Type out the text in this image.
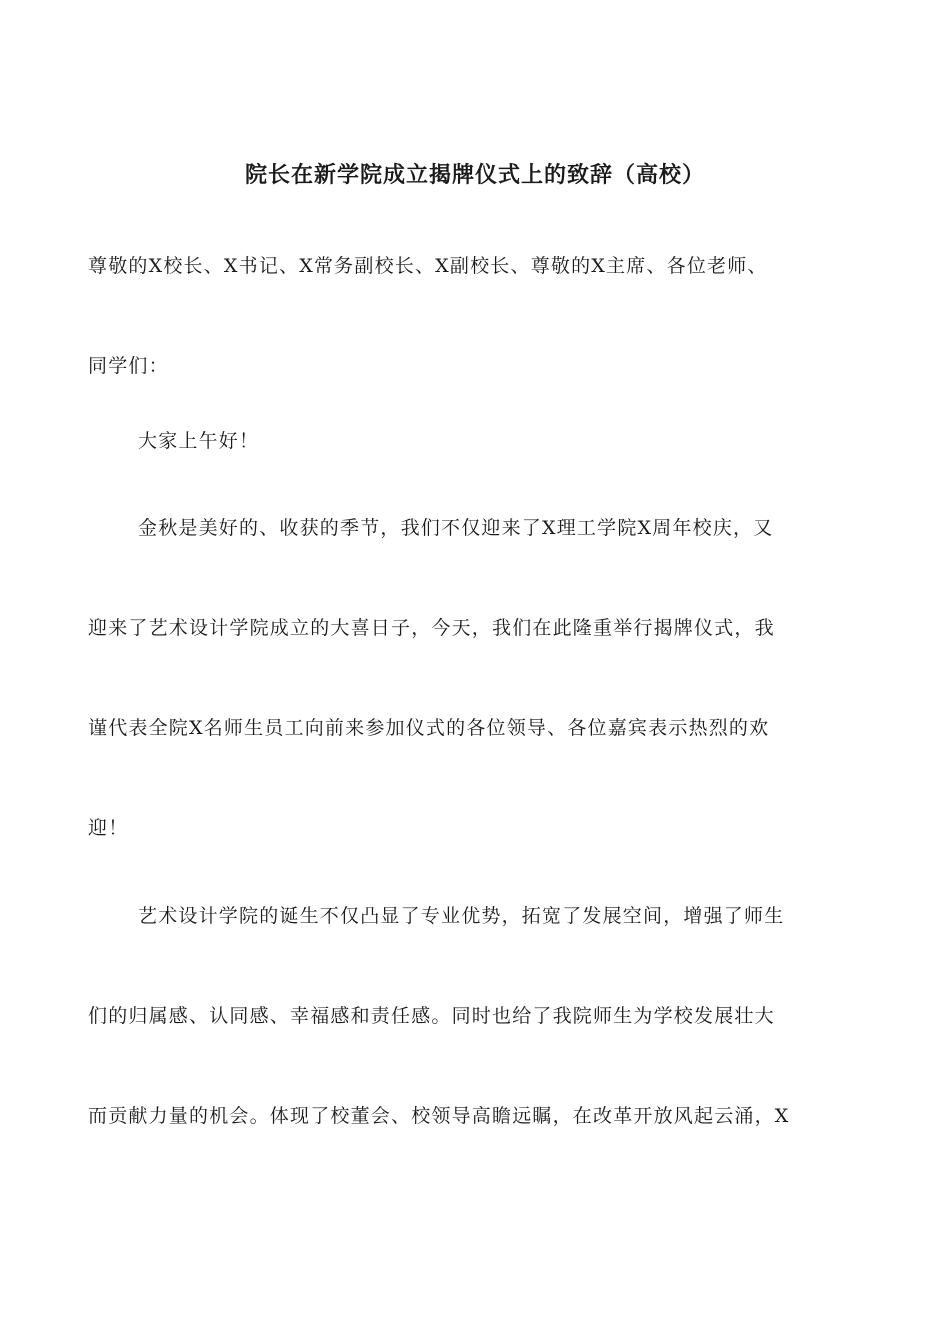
院长在新学院成立揭牌仪式上的致辞（高校）
尊敬的X校长、X书记、X常务副校长、X副校长、尊敬的X主席、各位老师、
同学们：
大家上午好！
金秋是美好的、收获的季节，我们不仅迎来了X理工学院X周年校庆，又
迎来了艺术设计学院成立的大喜日子，今天，我们在此隆重举行揭牌仪式，我
谨代表全院X名师生员工向前来参加仪式的各位领导、各位嘉宾表示热烈的欢
迎！
艺术设计学院的诞生不仅凸显了专业优势，拓宽了发展空间，增强了师生
们的归属感、认同感、幸福感和责任感。同时也给了我院师生为学校发展壮大
而贡献力量的机会。体现了校董会、校领导高瞻远瞩，在改革开放风起云涌，X
